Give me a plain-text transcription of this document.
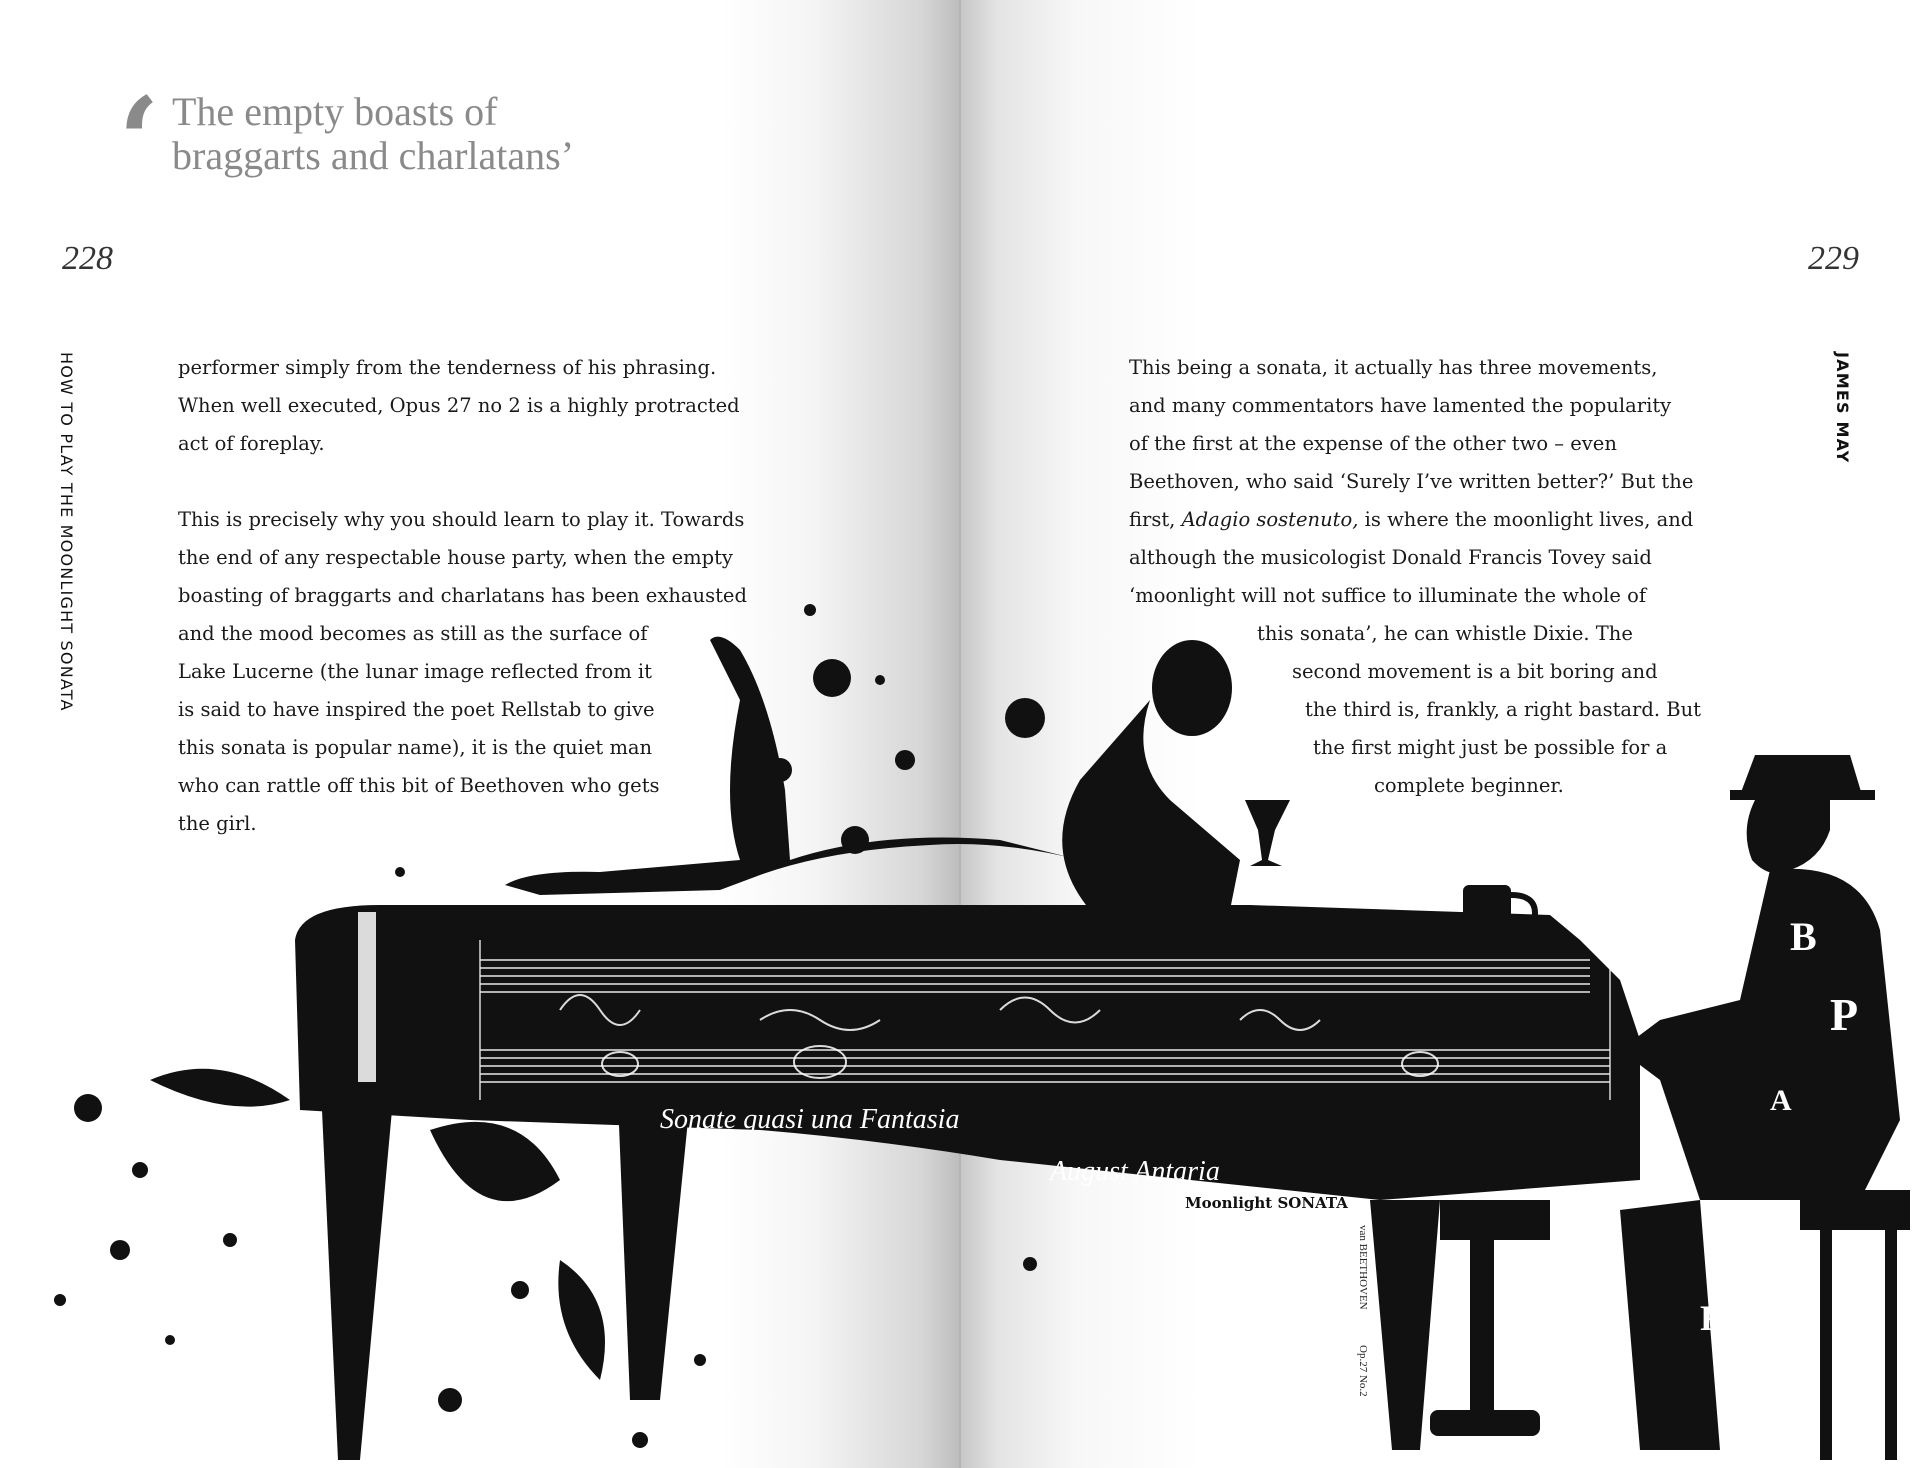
Sonate quasi una Fantasia
August Antaria
Moonlight SONATA
van BEETHOVEN
Op.27 No.2
B
P
A
F
‘ The empty boasts of
braggarts and charlatans’
228	229
HOW TO PLAY THE MOONLIGHT SONATA	JAMES MAY
performer simply from the tenderness of his phrasing.
When well executed, Opus 27 no 2 is a highly protracted
act of foreplay.
This is precisely why you should learn to play it. Towards
the end of any respectable house party, when the empty
boasting of braggarts and charlatans has been exhausted
and the mood becomes as still as the surface of
Lake Lucerne (the lunar image reflected from it
is said to have inspired the poet Rellstab to give
this sonata is popular name), it is the quiet man
who can rattle off this bit of Beethoven who gets
the girl.
This being a sonata, it actually has three movements,
and many commentators have lamented the popularity
of the first at the expense of the other two – even
Beethoven, who said ‘Surely I’ve written better?’ But the
first, Adagio sostenuto, is where the moonlight lives, and
although the musicologist Donald Francis Tovey said
‘moonlight will not suffice to illuminate the whole of
this sonata’, he can whistle Dixie. The
second movement is a bit boring and
the third is, frankly, a right bastard. But
the first might just be possible for a
complete beginner.
